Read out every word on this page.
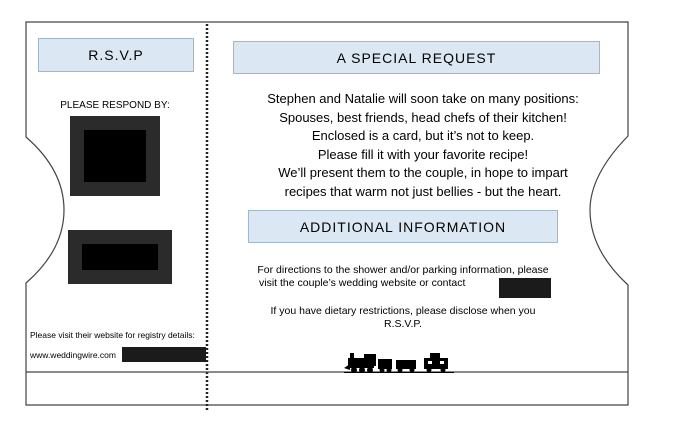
R.S.V.P
PLEASE RESPOND BY:
Please visit their website for registry details:
www.weddingwire.com
A SPECIAL REQUEST
Stephen and Natalie will soon take on many positions:
Spouses, best friends, head chefs of their kitchen!
Enclosed is a card, but it’s not to keep.
Please fill it with your favorite recipe!
We’ll present them to the couple, in hope to impart
recipes that warm not just bellies - but the heart.
ADDITIONAL INFORMATION
For directions to the shower and/or parking information, please
visit the couple’s wedding website or contact
If you have dietary restrictions, please disclose when you
R.S.V.P.
